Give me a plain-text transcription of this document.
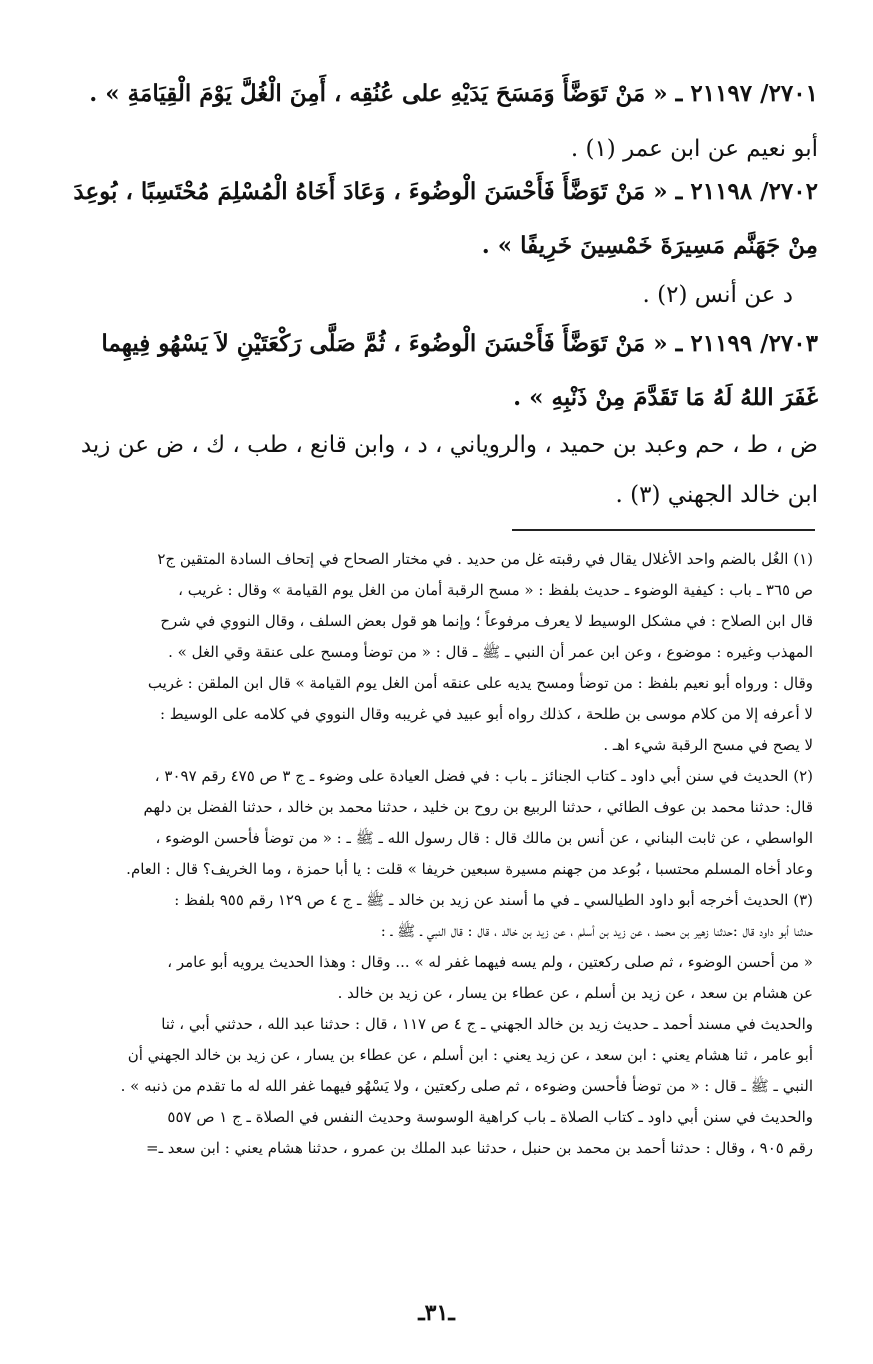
٢٧٠١/ ٢١١٩٧ ـ « مَنْ تَوَضَّأَ وَمَسَحَ يَدَيْهِ على عُنُقِه ، أَمِنَ الْغُلَّ يَوْمَ الْقِيَامَةِ » .
أبو نعيم عن ابن عمر (١) .
٢٧٠٢/ ٢١١٩٨ ـ « مَنْ تَوَضَّأَ فَأَحْسَنَ الْوضُوءَ ، وَعَادَ أَخَاهُ الْمُسْلِمَ مُحْتَسِبًا ، بُوعِدَ
مِنْ جَهَنَّم مَسِيرَةَ خَمْسِينَ خَرِيفًا » .
د عن أنس (٢) .
٢٧٠٣/ ٢١١٩٩ ـ « مَنْ تَوَضَّأَ فَأَحْسَنَ الْوضُوءَ ، ثُمَّ صَلَّى رَكْعَتَيْنِ لاَ يَسْهُو فِيهِما
غَفَرَ اللهُ لَهُ مَا تَقَدَّمَ مِنْ ذَنْبِهِ » .
ض ، ط ، حم وعبد بن حميد ، والروياني ، د ، وابن قانع ، طب ، ك ، ض عن زيد
ابن خالد الجهني (٣) .
(١) الغُل بالضم واحد الأغلال يقال في رقبته غل من حديد . في مختار الصحاح في إتحاف السادة المتقين ج٢
ص ٣٦٥ ـ باب : كيفية الوضوء ـ حديث بلفظ : « مسح الرقبة أمان من الغل يوم القيامة » وقال : غريب ،
قال ابن الصلاح : في مشكل الوسيط لا يعرف مرفوعاً ؛ وإنما هو قول بعض السلف ، وقال النووي في شرح
المهذب وغيره : موضوع ، وعن ابن عمر أن النبي ـ ﷺ ـ قال : « من توضأ ومسح على عنقة وقي الغل » .
وقال : ورواه أبو نعيم بلفظ : من توضأ ومسح يديه على عنقه أمن الغل يوم القيامة » قال ابن الملقن : غريب
لا أعرفه إلا من كلام موسى بن طلحة ، كذلك رواه أبو عبيد في غريبه وقال النووي في كلامه على الوسيط :
لا يصح في مسح الرقبة شيء اهـ .
(٢) الحديث في سنن أبي داود ـ كتاب الجنائز ـ باب : في فضل العيادة على وضوء ـ ج ٣ ص ٤٧٥ رقم ٣٠٩٧ ،
قال: حدثنا محمد بن عوف الطائي ، حدثنا الربيع بن روح بن خليد ، حدثنا محمد بن خالد ، حدثنا الفضل بن دلهم
الواسطي ، عن ثابت البناني ، عن أنس بن مالك قال : قال رسول الله ـ ﷺ ـ : « من توضأ فأحسن الوضوء ،
وعاد أخاه المسلم محتسبا ، بُوعد من جهنم مسيرة سبعين خريفا » قلت : يا أبا حمزة ، وما الخريف؟ قال : العام.
(٣) الحديث أخرجه أبو داود الطيالسي ـ في ما أسند عن زيد بن خالد ـ ﷺ ـ ج ٤ ص ١٢٩ رقم ٩٥٥ بلفظ :
حدثنا أبو داود قال :حدثنا زهير بن محمد ، عن زيد بن أسلم ، عن زيد بن خالد ، قال : قال النبي ـ ﷺ ـ :
« من أحسن الوضوء ، ثم صلى ركعتين ، ولم يسه فيهما غفر له » ... وقال : وهذا الحديث يرويه أبو عامر ،
عن هشام بن سعد ، عن زيد بن أسلم ، عن عطاء بن يسار ، عن زيد بن خالد .
والحديث في مسند أحمد ـ حديث زيد بن خالد الجهني ـ ج ٤ ص ١١٧ ، قال : حدثنا عبد الله ، حدثني أبي ، ثنا
أبو عامر ، ثنا هشام يعني : ابن سعد ، عن زيد يعني : ابن أسلم ، عن عطاء بن يسار ، عن زيد بن خالد الجهني أن
النبي ـ ﷺ ـ قال : « من توضأ فأحسن وضوءه ، ثم صلى ركعتين ، ولا يَسْهُو فيهما غفر الله له ما تقدم من ذنبه » .
والحديث في سنن أبي داود ـ كتاب الصلاة ـ باب كراهية الوسوسة وحديث النفس في الصلاة ـ ج ١ ص ٥٥٧
رقم ٩٠٥ ، وقال : حدثنا أحمد بن محمد بن حنبل ، حدثنا عبد الملك بن عمرو ، حدثنا هشام يعني : ابن سعد ـ=
ـ٣١ـ
